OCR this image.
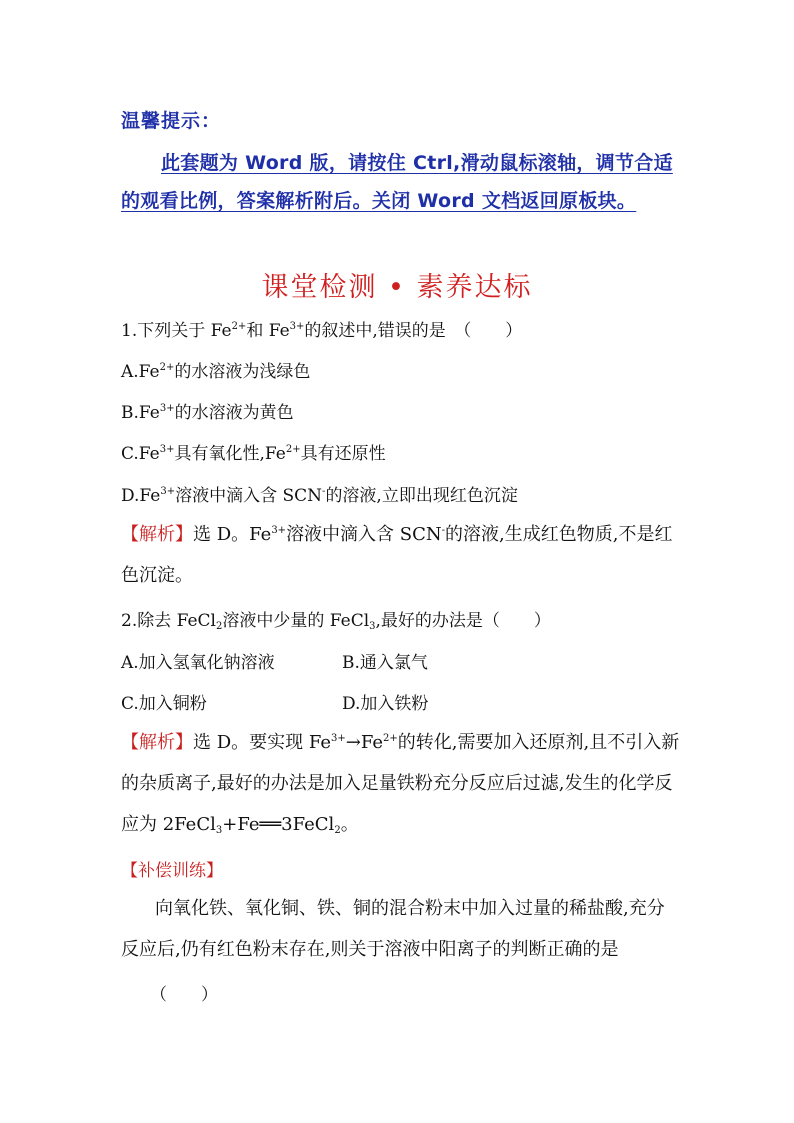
温馨提示：
此套题为 Word 版，请按住 Ctrl,滑动鼠标滚轴，调节合适的观看比例，答案解析附后。关闭 Word 文档返回原板块。
课堂检测 • 素养达标
1.下列关于 $Fe^{2+}$和 $Fe^{3+}$的叙述中,错误的是　（　　）
$A.Fe^{2+}$的水溶液为浅绿色
$B.Fe^{3+}$的水溶液为黄色
$C.Fe^{3+}$具有氧化性$,Fe^{2+}$具有还原性
$D.Fe^{3+}$溶液中滴入含 SCN-的溶液,立即出现红色沉淀
【解析】选 D。$Fe^{3+}$溶液中滴入含 SCN-的溶液,生成红色物质,不是红色沉淀。
2.除去 FeCl$_2$溶液中少量的 FeCl$_3$,最好的办法是（　　）
A.加入氢氧化钠溶液	B.通入氯气
C.加入铜粉	D.加入铁粉
【解析】选 D。要实现 $Fe^{3+}\to Fe^{2+}$的转化,需要加入还原剂,且不引入新的杂质离子,最好的办法是加入足量铁粉充分反应后过滤,发生的化学反应为 2FeCl$_3$+Fe══3FeCl$_2$。
【补偿训练】
向氧化铁、氧化铜、铁、铜的混合粉末中加入过量的稀盐酸,充分反应后,仍有红色粉末存在,则关于溶液中阳离子的判断正确的是
（　　）
